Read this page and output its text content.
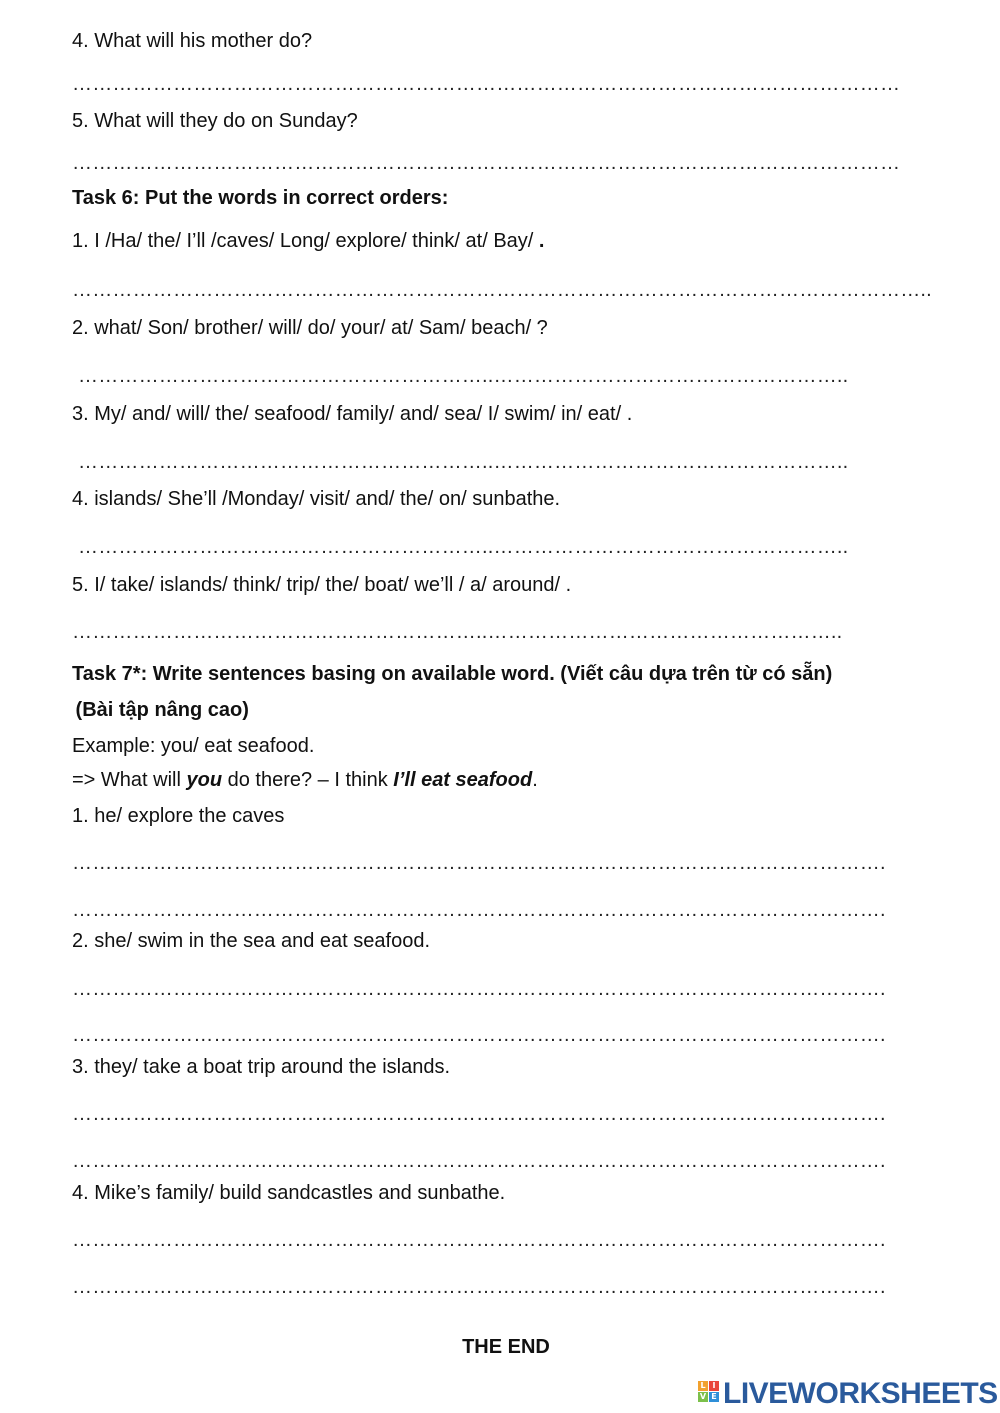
4. What will his mother do?
……………………………………………………………………………………………………………
5. What will they do on Sunday?
……………………………………………………………………………………………………………
Task 6: Put the words in correct orders:
1. I /Ha/ the/ I’ll /caves/ Long/ explore/ think/ at/ Bay/ .
………………………………………………………………………………………………………………..
2. what/ Son/ brother/ will/ do/ your/ at/ Sam/ beach/ ?
……………………………………………………..……………………………………………..
3. My/ and/ will/ the/ seafood/ family/ and/ sea/ I/ swim/ in/ eat/ .
……………………………………………………..……………………………………………..
4. islands/ She’ll /Monday/ visit/ and/ the/ on/ sunbathe.
……………………………………………………..……………………………………………..
5. I/ take/ islands/ think/ trip/ the/ boat/ we’ll / a/ around/ .
……………………………………………………..……………………………………………..
Task 7*: Write sentences basing on available word. (Viết câu dựa trên từ có sẵn)
(Bài tập nâng cao)
Example: you/ eat seafood.
=> What will you do there? – I think I’ll eat seafood.
1. he/ explore the caves
………………………………………………………………………………………………………….
………………………………………………………………………………………………………….
2. she/ swim in the sea and eat seafood.
………………………………………………………………………………………………………….
………………………………………………………………………………………………………….
3. they/ take a boat trip around the islands.
………………………………………………………………………………………………………….
………………………………………………………………………………………………………….
4. Mike’s family/ build sandcastles and sunbathe.
………………………………………………………………………………………………………….
………………………………………………………………………………………………………….
THE END
L I
V E LIVEWORKSHEETS
